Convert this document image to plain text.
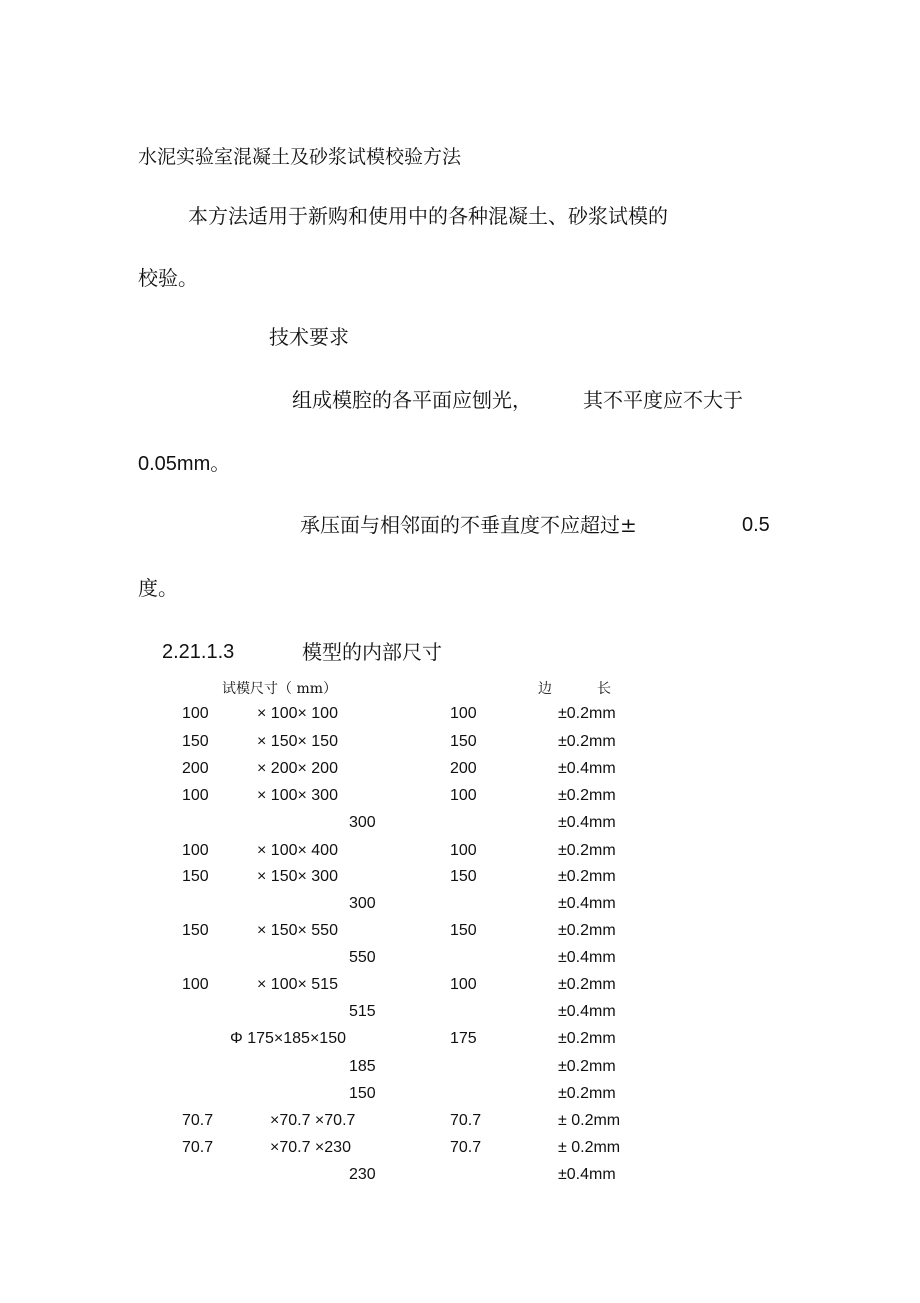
水泥实验室混凝土及砂浆试模校验方法
本方法适用于新购和使用中的各种混凝土、砂浆试模的
校验。
技术要求
组成模腔的各平面应刨光，	其不平度应不大于
0.05mm。
承压面与相邻面的不垂直度不应超过±	0.5
度。
2.21.1.3	模型的内部尺寸
试模尺寸（ mm）	边	长
100	× 100× 100	100	±0.2mm
150	× 150× 150	150	±0.2mm
200	× 200× 200	200	±0.4mm
100	× 100× 300	100	±0.2mm
300	±0.4mm
100	× 100× 400	100	±0.2mm
150	× 150× 300	150	±0.2mm
300	±0.4mm
150	× 150× 550	150	±0.2mm
550	±0.4mm
100	× 100× 515	100	±0.2mm
515	±0.4mm
Φ 175×185×150	175	±0.2mm
185	±0.2mm
150	±0.2mm
70.7	×70.7 ×70.7	70.7	± 0.2mm
70.7	×70.7 ×230	70.7	± 0.2mm
230	±0.4mm
